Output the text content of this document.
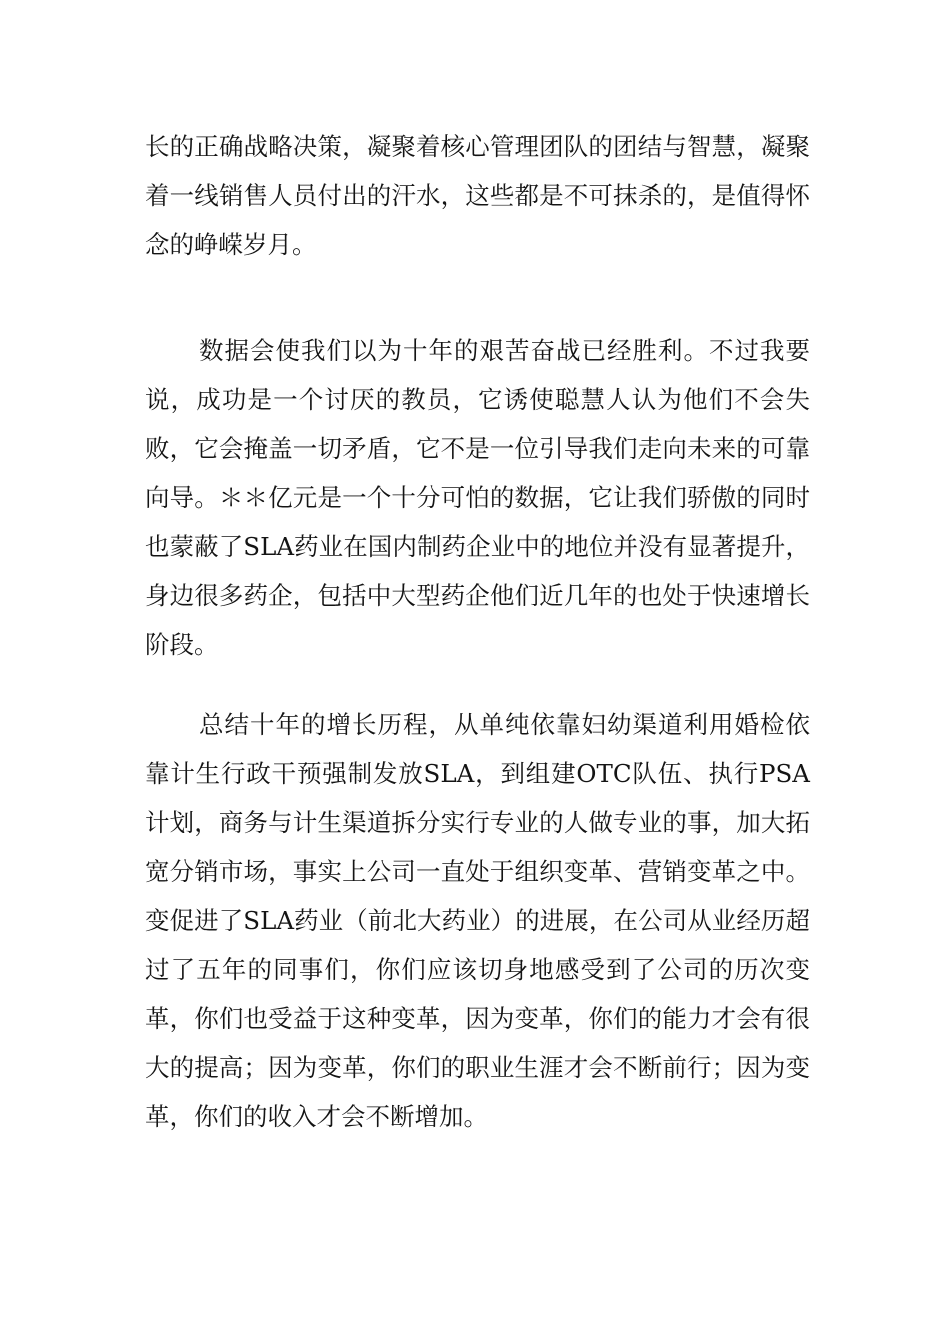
长的正确战略决策，凝聚着核心管理团队的团结与智慧，凝聚着一线销售人员付出的汗水，这些都是不可抹杀的，是值得怀念的峥嵘岁月。

数据会使我们以为十年的艰苦奋战已经胜利。不过我要说，成功是一个讨厌的教员，它诱使聪慧人认为他们不会失败，它会掩盖一切矛盾，它不是一位引导我们走向未来的可靠向导。＊＊亿元是一个十分可怕的数据，它让我们骄傲的同时也蒙蔽了SLA药业在国内制药企业中的地位并没有显著提升，身边很多药企，包括中大型药企他们近几年的也处于快速增长阶段。

总结十年的增长历程，从单纯依靠妇幼渠道利用婚检依靠计生行政干预强制发放SLA，到组建OTC队伍、执行PSA计划，商务与计生渠道拆分实行专业的人做专业的事，加大拓宽分销市场，事实上公司一直处于组织变革、营销变革之中。变促进了SLA药业（前北大药业）的进展，在公司从业经历超过了五年的同事们，你们应该切身地感受到了公司的历次变革，你们也受益于这种变革，因为变革，你们的能力才会有很大的提高；因为变革，你们的职业生涯才会不断前行；因为变革，你们的收入才会不断增加。
